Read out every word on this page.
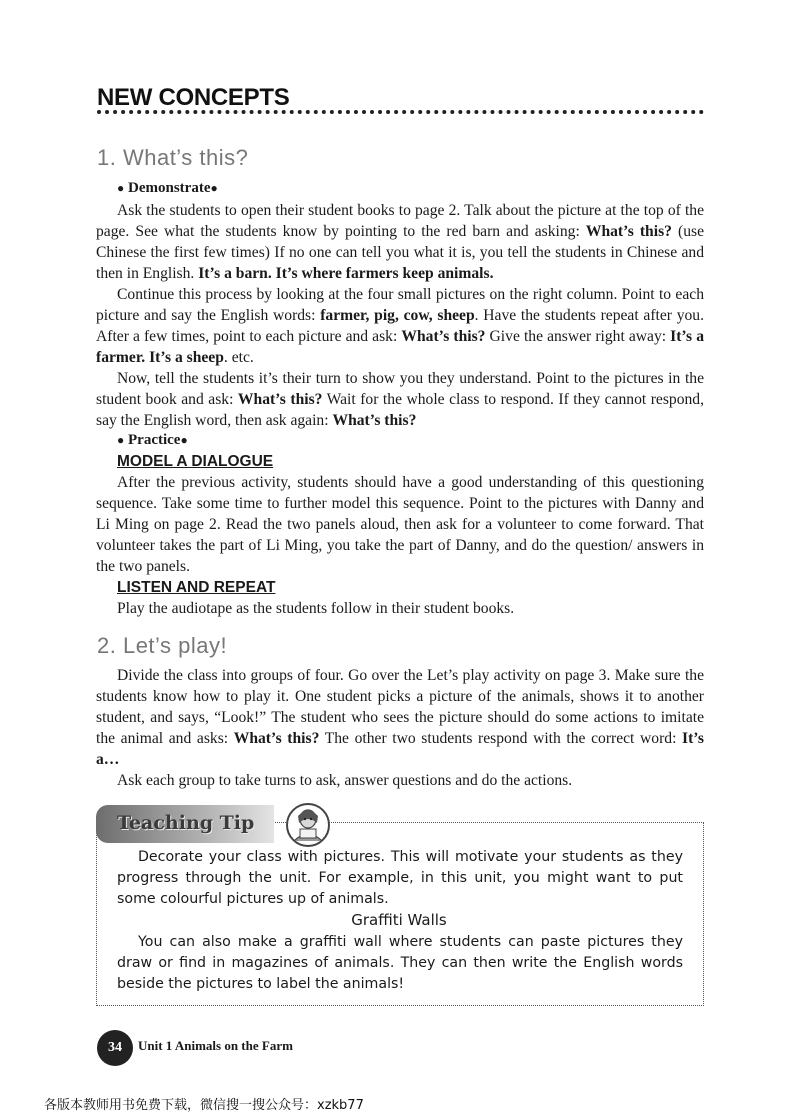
NEW CONCEPTS
1. What’s this?
● Demonstrate●

Ask the students to open their student books to page 2. Talk about the picture at the top of the page. See what the students know by pointing to the red barn and asking: What’s this? (use Chinese the first few times) If no one can tell you what it is, you tell the students in Chinese and then in English. It’s a barn. It’s where farmers keep animals.

Continue this process by looking at the four small pictures on the right column. Point to each picture and say the English words: farmer, pig, cow, sheep. Have the students repeat after you. After a few times, point to each picture and ask: What’s this? Give the answer right away: It’s a farmer. It’s a sheep. etc.

Now, tell the students it’s their turn to show you they understand. Point to the pictures in the student book and ask: What’s this? Wait for the whole class to respond. If they cannot respond, say the English word, then ask again: What’s this?

● Practice●
MODEL A DIALOGUE

After the previous activity, students should have a good understanding of this questioning sequence. Take some time to further model this sequence. Point to the pictures with Danny and Li Ming on page 2. Read the two panels aloud, then ask for a volunteer to come forward. That volunteer takes the part of Li Ming, you take the part of Danny, and do the question/ answers in the two panels.

LISTEN AND REPEAT

Play the audiotape as the students follow in their student books.

2. Let’s play!

Divide the class into groups of four. Go over the Let’s play activity on page 3. Make sure the students know how to play it. One student picks a picture of the animals, shows it to another student, and says, “Look!” The student who sees the picture should do some actions to imitate the animal and asks: What’s this? The other two students respond with the correct word: It’s a…

Ask each group to take turns to ask, answer questions and do the actions.

Teaching Tip

Decorate your class with pictures. This will motivate your students as they progress through the unit. For example, in this unit, you might want to put some colourful pictures up of animals.

Graffiti Walls

You can also make a graffiti wall where students can paste pictures they draw or find in magazines of animals. They can then write the English words beside the pictures to label the animals!

34	Unit 1 Animals on the Farm
各版本教师用书免费下载，微信搜一搜公众号：xzkb77
